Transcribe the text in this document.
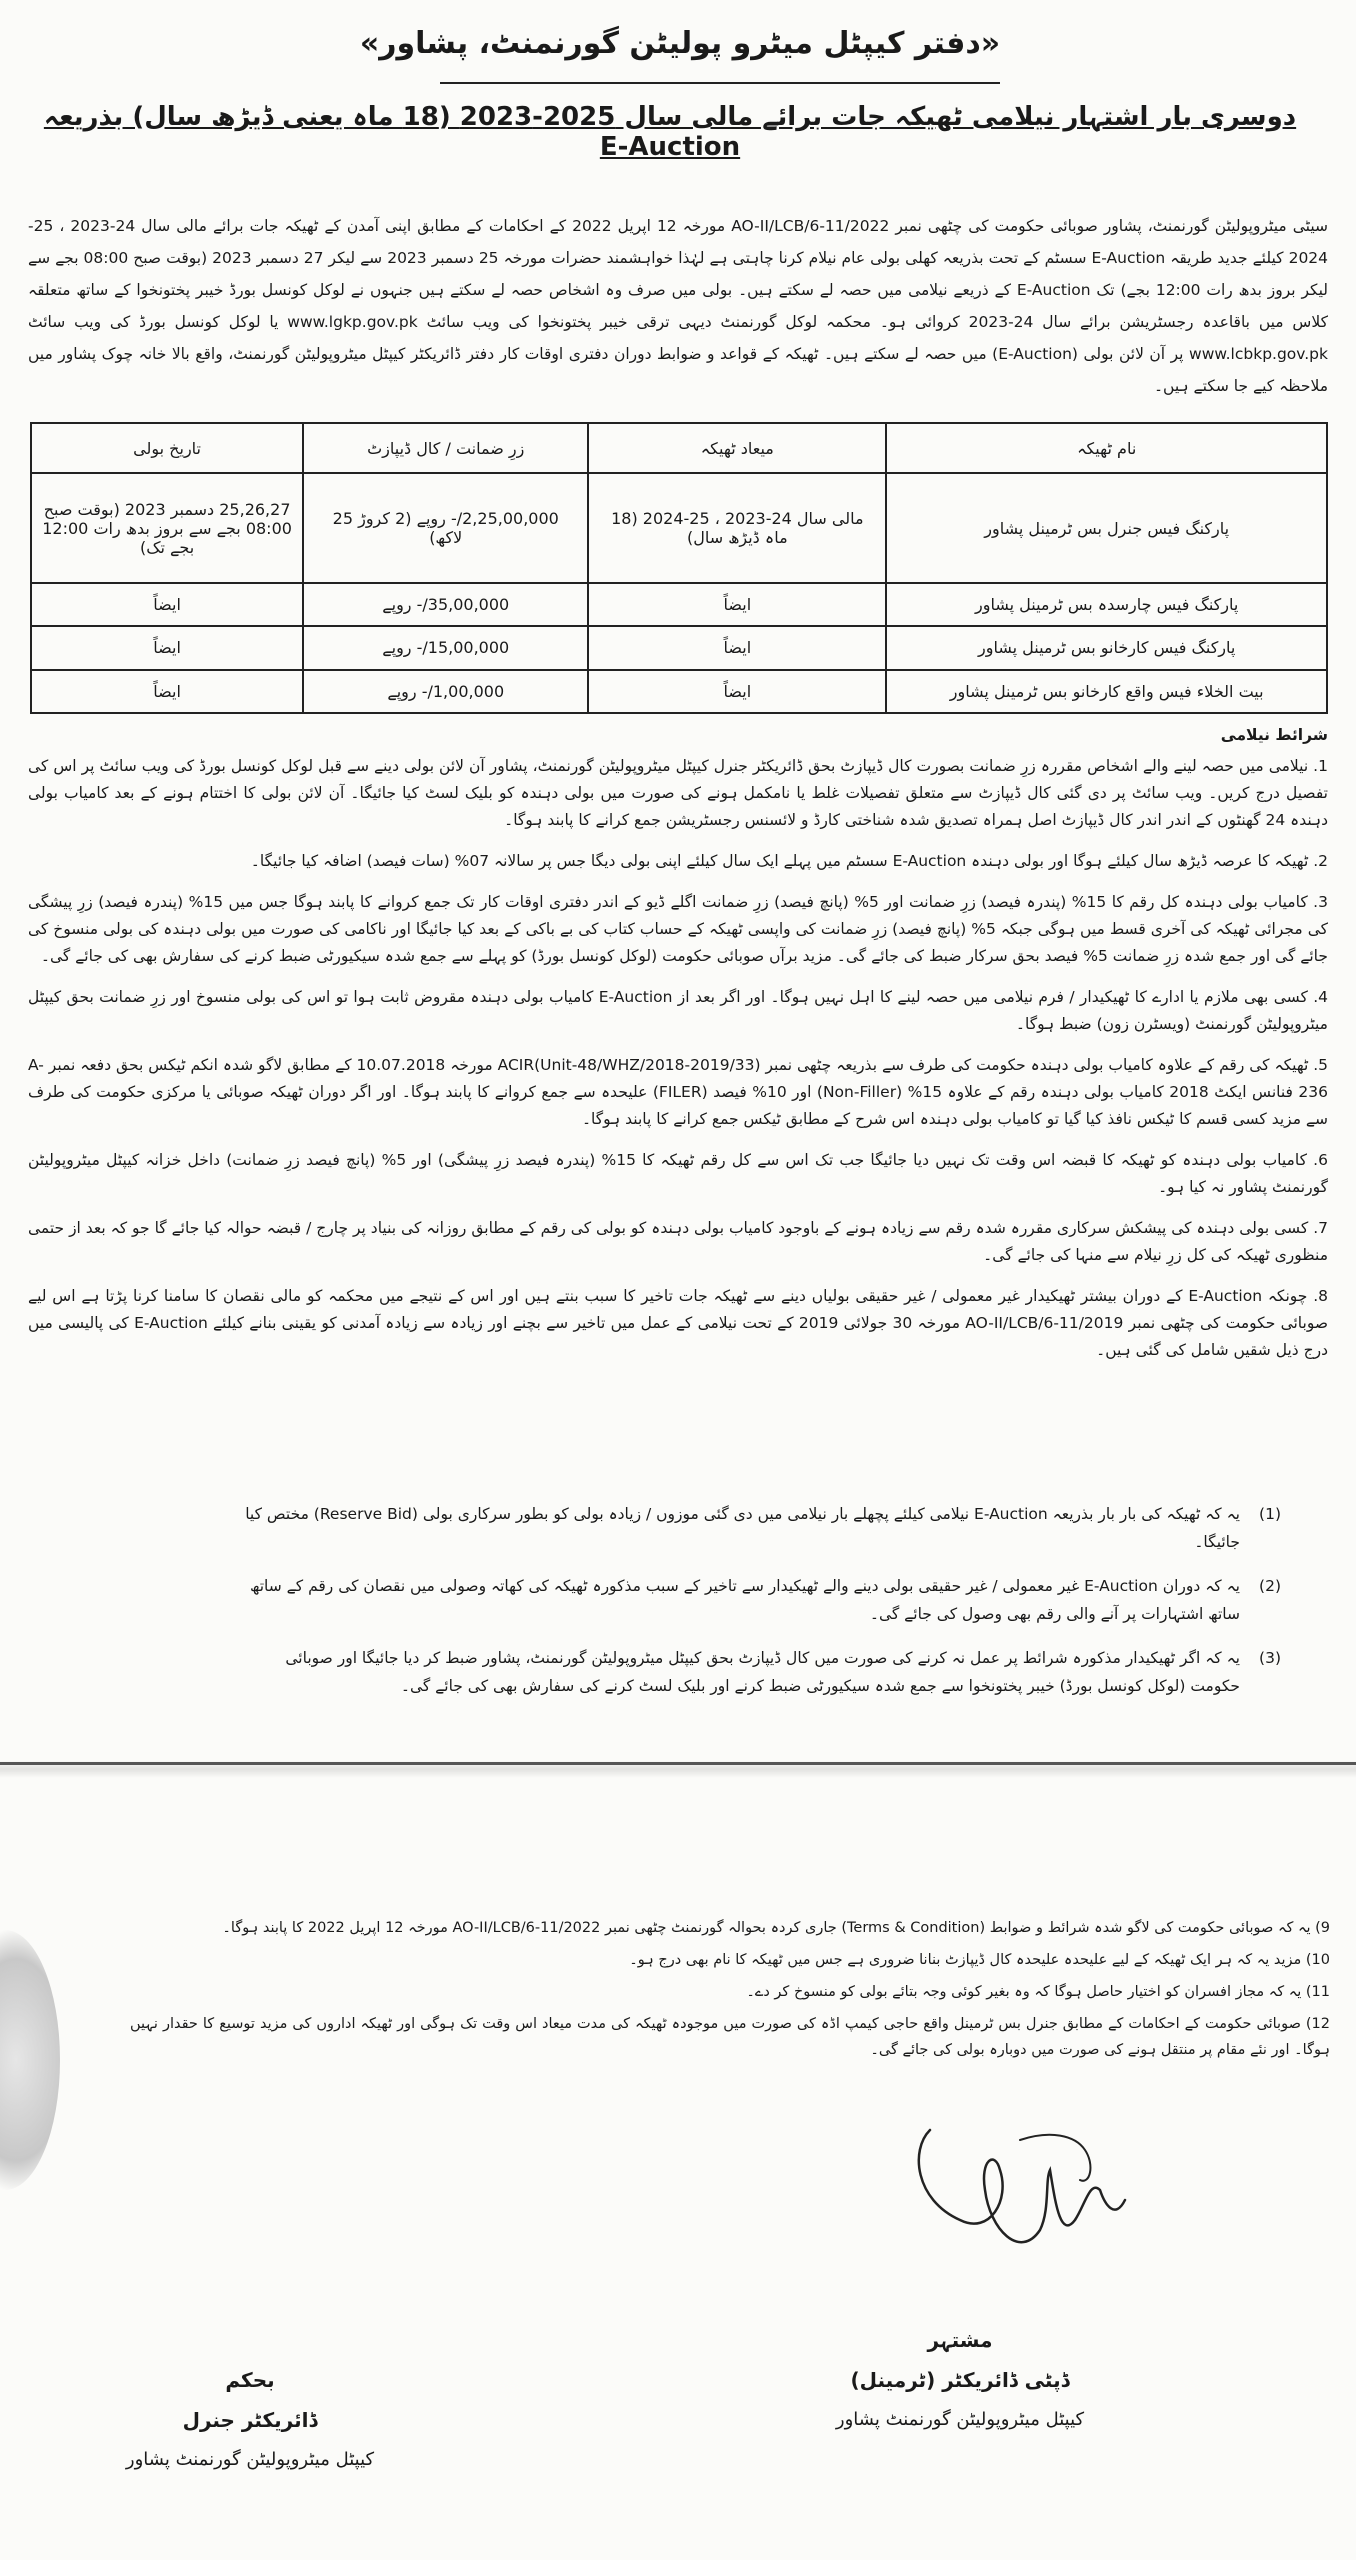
«دفتر کیپٹل میٹرو پولیٹن گورنمنٹ، پشاور»
دوسری بار اشتہار نیلامی ٹھیکہ جات برائے مالی سال 2025-2023 (18 ماہ یعنی ڈیڑھ سال) بذریعہ E-Auction
سیٹی میٹروپولیٹن گورنمنٹ، پشاور صوبائی حکومت کی چٹھی نمبر AO-II/LCB/6-11/2022 مورخہ 12 اپریل 2022 کے احکامات کے مطابق اپنی آمدن کے ٹھیکہ جات برائے مالی سال 24-2023 ، 25-2024 کیلئے جدید طریقہ E-Auction سسٹم کے تحت بذریعہ کھلی بولی عام نیلام کرنا چاہتی ہے لہٰذا خواہشمند حضرات مورخہ 25 دسمبر 2023 سے لیکر 27 دسمبر 2023 (بوقت صبح 08:00 بجے سے لیکر بروز بدھ رات 12:00 بجے) تک E-Auction کے ذریعے نیلامی میں حصہ لے سکتے ہیں۔ بولی میں صرف وہ اشخاص حصہ لے سکتے ہیں جنہوں نے لوکل کونسل بورڈ خیبر پختونخوا کے ساتھ متعلقہ کلاس میں باقاعدہ رجسٹریشن برائے سال 24-2023 کروائی ہو۔ محکمہ لوکل گورنمنٹ دیہی ترقی خیبر پختونخوا کی ویب سائٹ www.lgkp.gov.pk یا لوکل کونسل بورڈ کی ویب سائٹ www.lcbkp.gov.pk پر آن لائن بولی (E-Auction) میں حصہ لے سکتے ہیں۔ ٹھیکہ کے قواعد و ضوابط دوران دفتری اوقات کار دفتر ڈائریکٹر کیپٹل میٹروپولیٹن گورنمنٹ، واقع بالا خانہ چوک پشاور میں ملاحظہ کیے جا سکتے ہیں۔
نام ٹھیکہ	میعاد ٹھیکہ	زرِ ضمانت / کال ڈیپازٹ	تاریخ بولی
پارکنگ فیس جنرل بس ٹرمینل پشاور	مالی سال 24-2023 ، 25-2024 (18 ماہ ڈیڑھ سال)	2,25,00,000/- روپے (2 کروڑ 25 لاکھ)	25,26,27 دسمبر 2023 (بوقت صبح 08:00 بجے سے بروز بدھ رات 12:00 بجے تک)
پارکنگ فیس چارسدہ بس ٹرمینل پشاور	ایضاً	35,00,000/- روپے	ایضاً
پارکنگ فیس کارخانو بس ٹرمینل پشاور	ایضاً	15,00,000/- روپے	ایضاً
بیت الخلاء فیس واقع کارخانو بس ٹرمینل پشاور	ایضاً	1,00,000/- روپے	ایضاً
شرائط نیلامی
1. نیلامی میں حصہ لینے والے اشخاص مقررہ زرِ ضمانت بصورت کال ڈیپازٹ بحق ڈائریکٹر جنرل کیپٹل میٹروپولیٹن گورنمنٹ، پشاور آن لائن بولی دینے سے قبل لوکل کونسل بورڈ کی ویب سائٹ پر اس کی تفصیل درج کریں۔ ویب سائٹ پر دی گئی کال ڈیپازٹ سے متعلق تفصیلات غلط یا نامکمل ہونے کی صورت میں بولی دہندہ کو بلیک لسٹ کیا جائیگا۔ آن لائن بولی کا اختتام ہونے کے بعد کامیاب بولی دہندہ 24 گھنٹوں کے اندر اندر کال ڈیپازٹ اصل ہمراہ تصدیق شدہ شناختی کارڈ و لائسنس رجسٹریشن جمع کرانے کا پابند ہوگا۔
2. ٹھیکہ کا عرصہ ڈیڑھ سال کیلئے ہوگا اور بولی دہندہ E-Auction سسٹم میں پہلے ایک سال کیلئے اپنی بولی دیگا جس پر سالانہ 07% (سات فیصد) اضافہ کیا جائیگا۔
3. کامیاب بولی دہندہ کل رقم کا 15% (پندرہ فیصد) زرِ ضمانت اور 5% (پانچ فیصد) زرِ ضمانت اگلے ڈیو کے اندر دفتری اوقات کار تک جمع کروانے کا پابند ہوگا جس میں 15% (پندرہ فیصد) زرِ پیشگی کی مجرائی ٹھیکہ کی آخری قسط میں ہوگی جبکہ 5% (پانچ فیصد) زرِ ضمانت کی واپسی ٹھیکہ کے حساب کتاب کی بے باکی کے بعد کیا جائیگا اور ناکامی کی صورت میں بولی دہندہ کی بولی منسوخ کی جائے گی اور جمع شدہ زرِ ضمانت 5% فیصد بحق سرکار ضبط کی جائے گی۔ مزید برآں صوبائی حکومت (لوکل کونسل بورڈ) کو پہلے سے جمع شدہ سیکیورٹی ضبط کرنے کی سفارش بھی کی جائے گی۔
4. کسی بھی ملازم یا ادارے کا ٹھیکیدار / فرم نیلامی میں حصہ لینے کا اہل نہیں ہوگا۔ اور اگر بعد از E-Auction کامیاب بولی دہندہ مقروض ثابت ہوا تو اس کی بولی منسوخ اور زرِ ضمانت بحق کیپٹل میٹروپولیٹن گورنمنٹ (ویسٹرن زون) ضبط ہوگا۔
5. ٹھیکہ کی رقم کے علاوہ کامیاب بولی دہندہ حکومت کی طرف سے بذریعہ چٹھی نمبر ACIR(Unit-48/WHZ/2018-2019/33) مورخہ 10.07.2018 کے مطابق لاگو شدہ انکم ٹیکس بحق دفعہ نمبر A-236 فنانس ایکٹ 2018 کامیاب بولی دہندہ رقم کے علاوہ 15% (Non-Filler) اور 10% فیصد (FILER) علیحدہ سے جمع کروانے کا پابند ہوگا۔ اور اگر دوران ٹھیکہ صوبائی یا مرکزی حکومت کی طرف سے مزید کسی قسم کا ٹیکس نافذ کیا گیا تو کامیاب بولی دہندہ اس شرح کے مطابق ٹیکس جمع کرانے کا پابند ہوگا۔
6. کامیاب بولی دہندہ کو ٹھیکہ کا قبضہ اس وقت تک نہیں دیا جائیگا جب تک اس سے کل رقم ٹھیکہ کا 15% (پندرہ فیصد زرِ پیشگی) اور 5% (پانچ فیصد زرِ ضمانت) داخل خزانہ کیپٹل میٹروپولیٹن گورنمنٹ پشاور نہ کیا ہو۔
7. کسی بولی دہندہ کی پیشکش سرکاری مقررہ شدہ رقم سے زیادہ ہونے کے باوجود کامیاب بولی دہندہ کو بولی کی رقم کے مطابق روزانہ کی بنیاد پر چارج / قبضہ حوالہ کیا جائے گا جو کہ بعد از حتمی منظوری ٹھیکہ کی کل زرِ نیلام سے منہا کی جائے گی۔
8. چونکہ E-Auction کے دوران بیشتر ٹھیکیدار غیر معمولی / غیر حقیقی بولیاں دینے سے ٹھیکہ جات تاخیر کا سبب بنتے ہیں اور اس کے نتیجے میں محکمہ کو مالی نقصان کا سامنا کرنا پڑتا ہے اس لیے صوبائی حکومت کی چٹھی نمبر AO-II/LCB/6-11/2019 مورخہ 30 جولائی 2019 کے تحت نیلامی کے عمل میں تاخیر سے بچنے اور زیادہ سے زیادہ آمدنی کو یقینی بنانے کیلئے E-Auction کی پالیسی میں درج ذیل شقیں شامل کی گئی ہیں۔
(1)
یہ کہ ٹھیکہ کی بار بار بذریعہ E-Auction نیلامی کیلئے پچھلے بار نیلامی میں دی گئی موزوں / زیادہ بولی کو بطور سرکاری بولی (Reserve Bid) مختص کیا جائیگا۔
(2)
یہ کہ دوران E-Auction غیر معمولی / غیر حقیقی بولی دینے والے ٹھیکیدار سے تاخیر کے سبب مذکورہ ٹھیکہ کی کھاتہ وصولی میں نقصان کی رقم کے ساتھ ساتھ اشتہارات پر آنے والی رقم بھی وصول کی جائے گی۔
(3)
یہ کہ اگر ٹھیکیدار مذکورہ شرائط پر عمل نہ کرنے کی صورت میں کال ڈیپازٹ بحق کیپٹل میٹروپولیٹن گورنمنٹ، پشاور ضبط کر دیا جائیگا اور صوبائی حکومت (لوکل کونسل بورڈ) خیبر پختونخوا سے جمع شدہ سیکیورٹی ضبط کرنے اور بلیک لسٹ کرنے کی سفارش بھی کی جائے گی۔
9) یہ کہ صوبائی حکومت کی لاگو شدہ شرائط و ضوابط (Terms & Condition) جاری کردہ بحوالہ گورنمنٹ چٹھی نمبر AO-II/LCB/6-11/2022 مورخہ 12 اپریل 2022 کا پابند ہوگا۔
10) مزید یہ کہ ہر ایک ٹھیکہ کے لیے علیحدہ علیحدہ کال ڈیپازٹ بنانا ضروری ہے جس میں ٹھیکہ کا نام بھی درج ہو۔
11) یہ کہ مجاز افسران کو اختیار حاصل ہوگا کہ وہ بغیر کوئی وجہ بتائے بولی کو منسوخ کر دے۔
12) صوبائی حکومت کے احکامات کے مطابق جنرل بس ٹرمینل واقع حاجی کیمپ اڈہ کی صورت میں موجودہ ٹھیکہ کی مدت میعاد اس وقت تک ہوگی اور ٹھیکہ اداروں کی مزید توسیع کا حقدار نہیں ہوگا۔ اور نئے مقام پر منتقل ہونے کی صورت میں دوبارہ بولی کی جائے گی۔
مشتہر
ڈپٹی ڈائریکٹر (ٹرمینل)
کیپٹل میٹروپولیٹن گورنمنٹ پشاور
بحکم
ڈائریکٹر جنرل
کیپٹل میٹروپولیٹن گورنمنٹ پشاور
